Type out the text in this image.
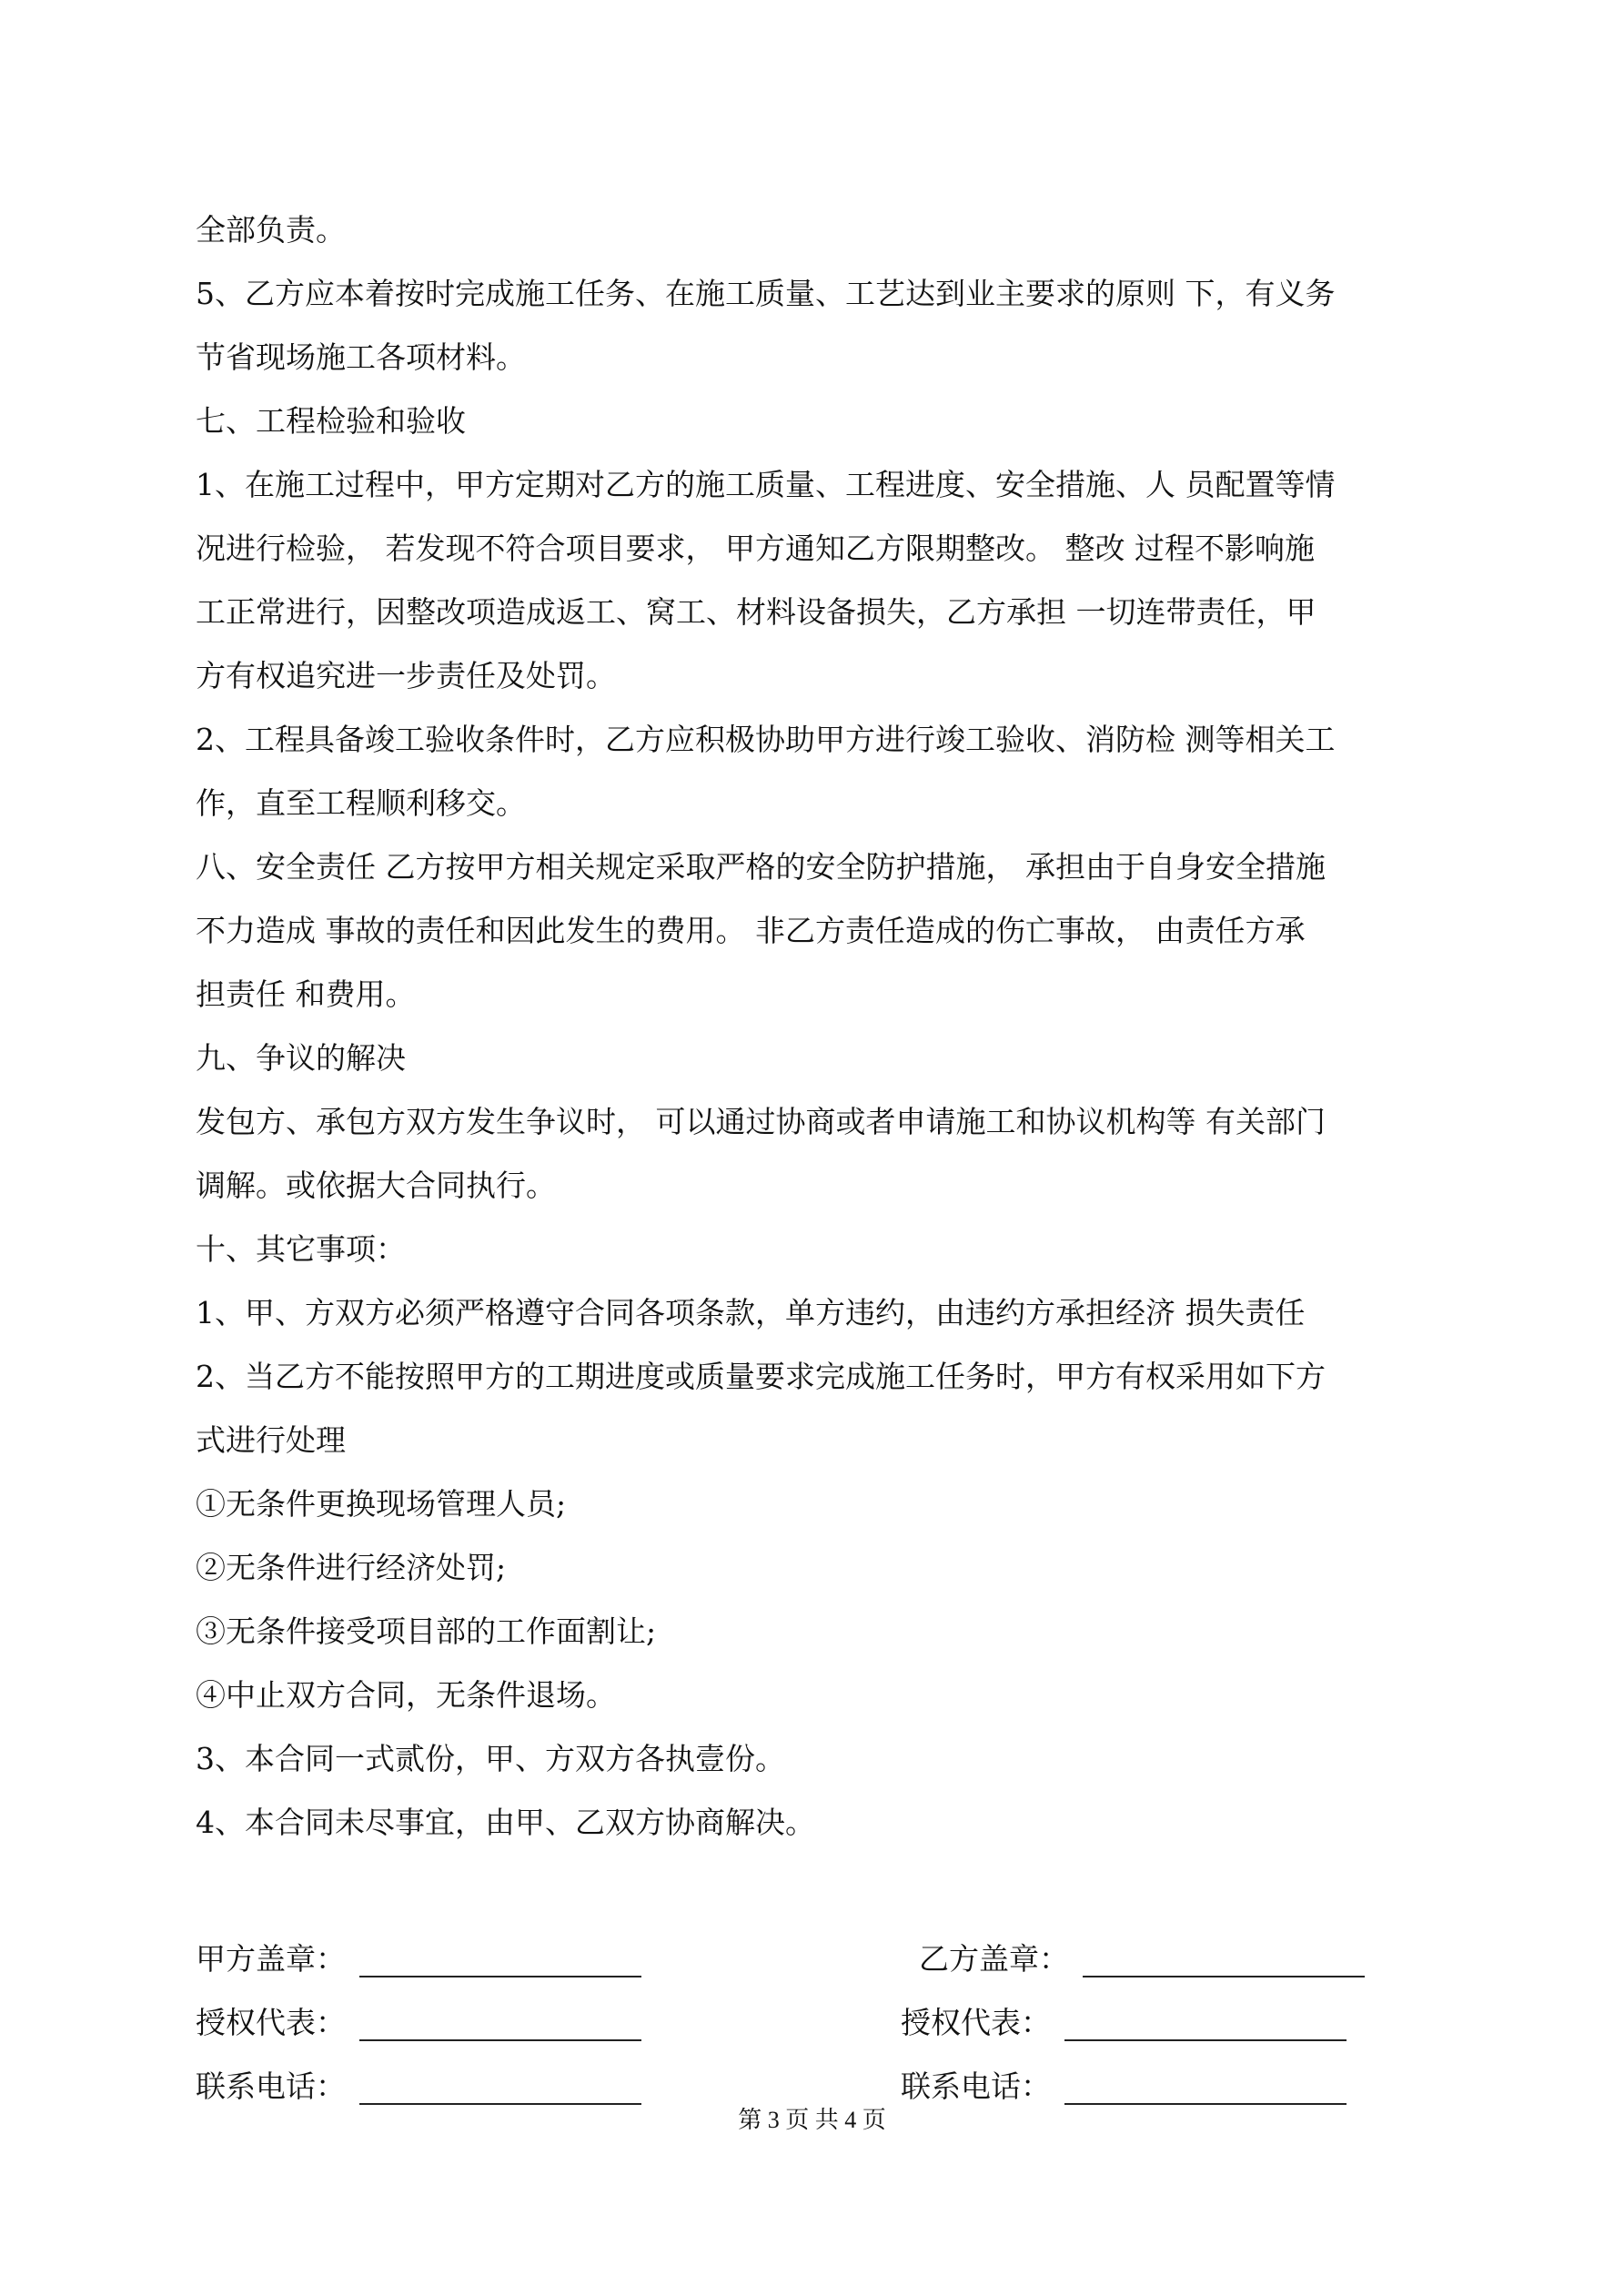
全部负责。
5、乙方应本着按时完成施工任务、在施工质量、工艺达到业主要求的原则 下，有义务
节省现场施工各项材料。
七、工程检验和验收
1、在施工过程中，甲方定期对乙方的施工质量、工程进度、安全措施、人 员配置等情
况进行检验， 若发现不符合项目要求， 甲方通知乙方限期整改。 整改 过程不影响施
工正常进行，因整改项造成返工、窝工、材料设备损失，乙方承担 一切连带责任，甲
方有权追究进一步责任及处罚。
2、工程具备竣工验收条件时，乙方应积极协助甲方进行竣工验收、消防检 测等相关工
作，直至工程顺利移交。
八、安全责任 乙方按甲方相关规定采取严格的安全防护措施， 承担由于自身安全措施
不力造成 事故的责任和因此发生的费用。 非乙方责任造成的伤亡事故， 由责任方承
担责任 和费用。
九、争议的解决
发包方、承包方双方发生争议时， 可以通过协商或者申请施工和协议机构等 有关部门
调解。或依据大合同执行。
十、其它事项：
1、甲、方双方必须严格遵守合同各项条款，单方违约，由违约方承担经济 损失责任
2、当乙方不能按照甲方的工期进度或质量要求完成施工任务时，甲方有权采用如下方
式进行处理
①无条件更换现场管理人员;
②无条件进行经济处罚;
③无条件接受项目部的工作面割让;
④中止双方合同，无条件退场。
3、本合同一式贰份，甲、方双方各执壹份。
4、本合同未尽事宜，由甲、乙双方协商解决。
甲方盖章：	乙方盖章：
授权代表：	授权代表：
联系电话：	联系电话：
第 3 页 共 4 页
